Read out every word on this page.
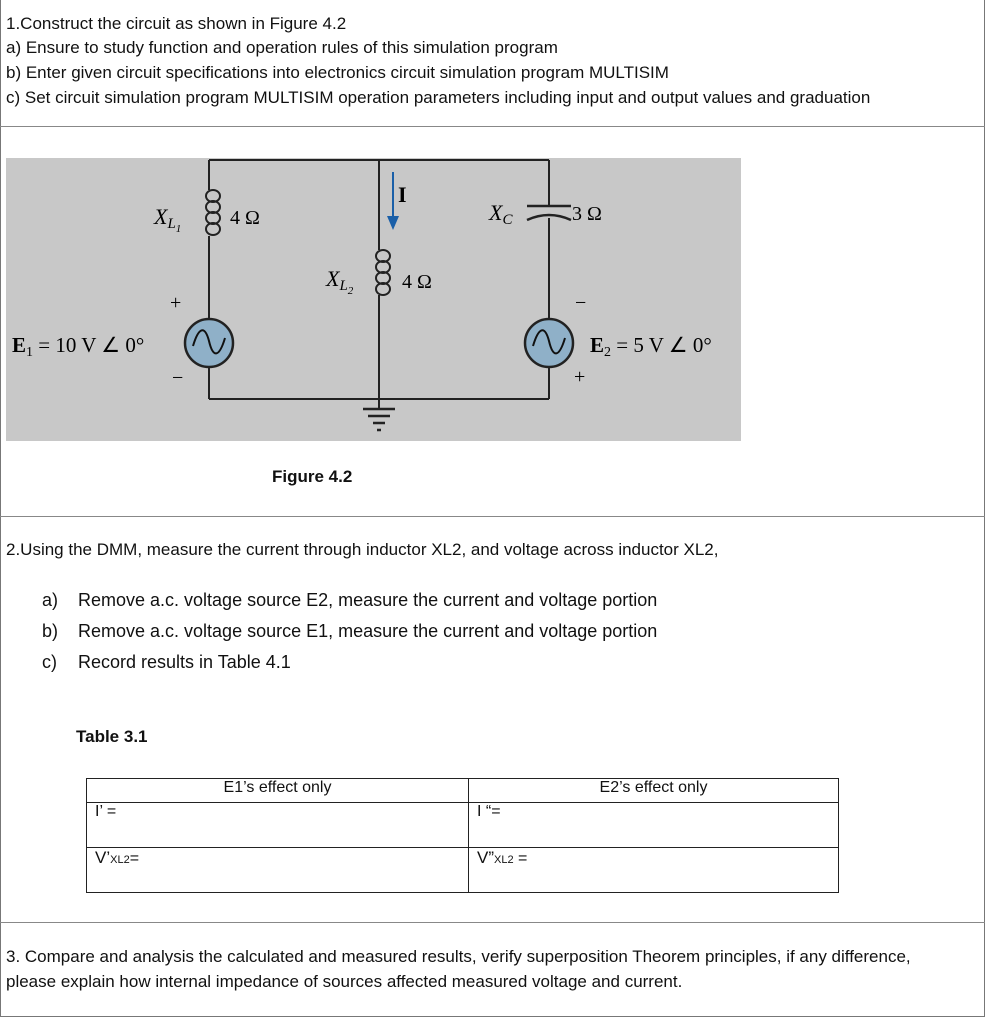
1.Construct the circuit as shown in Figure 4.2
a) Ensure to study function and operation rules of this simulation program
b) Enter given circuit specifications into electronics circuit simulation program MULTISIM
c) Set circuit simulation program MULTISIM operation parameters including input and output values and graduation
XL1 4 Ω
XL2 4 Ω
XC	3 Ω
I
+
−
E1 = 10 V ∠ 0°
−
+
E2 = 5 V ∠ 0°
Figure 4.2
2.Using the DMM, measure the current through inductor XL2, and voltage across inductor XL2,
a) Remove a.c. voltage source E2, measure the current and voltage portion
b) Remove a.c. voltage source E1, measure the current and voltage portion
c) Record results in Table 4.1
Table 3.1
E1’s effect only	E2’s effect only
I’ =	I “=
V’XL2=	V”XL2 =
3. Compare and analysis the calculated and measured results, verify superposition Theorem principles, if any difference, please explain how internal impedance of sources affected measured voltage and current.
